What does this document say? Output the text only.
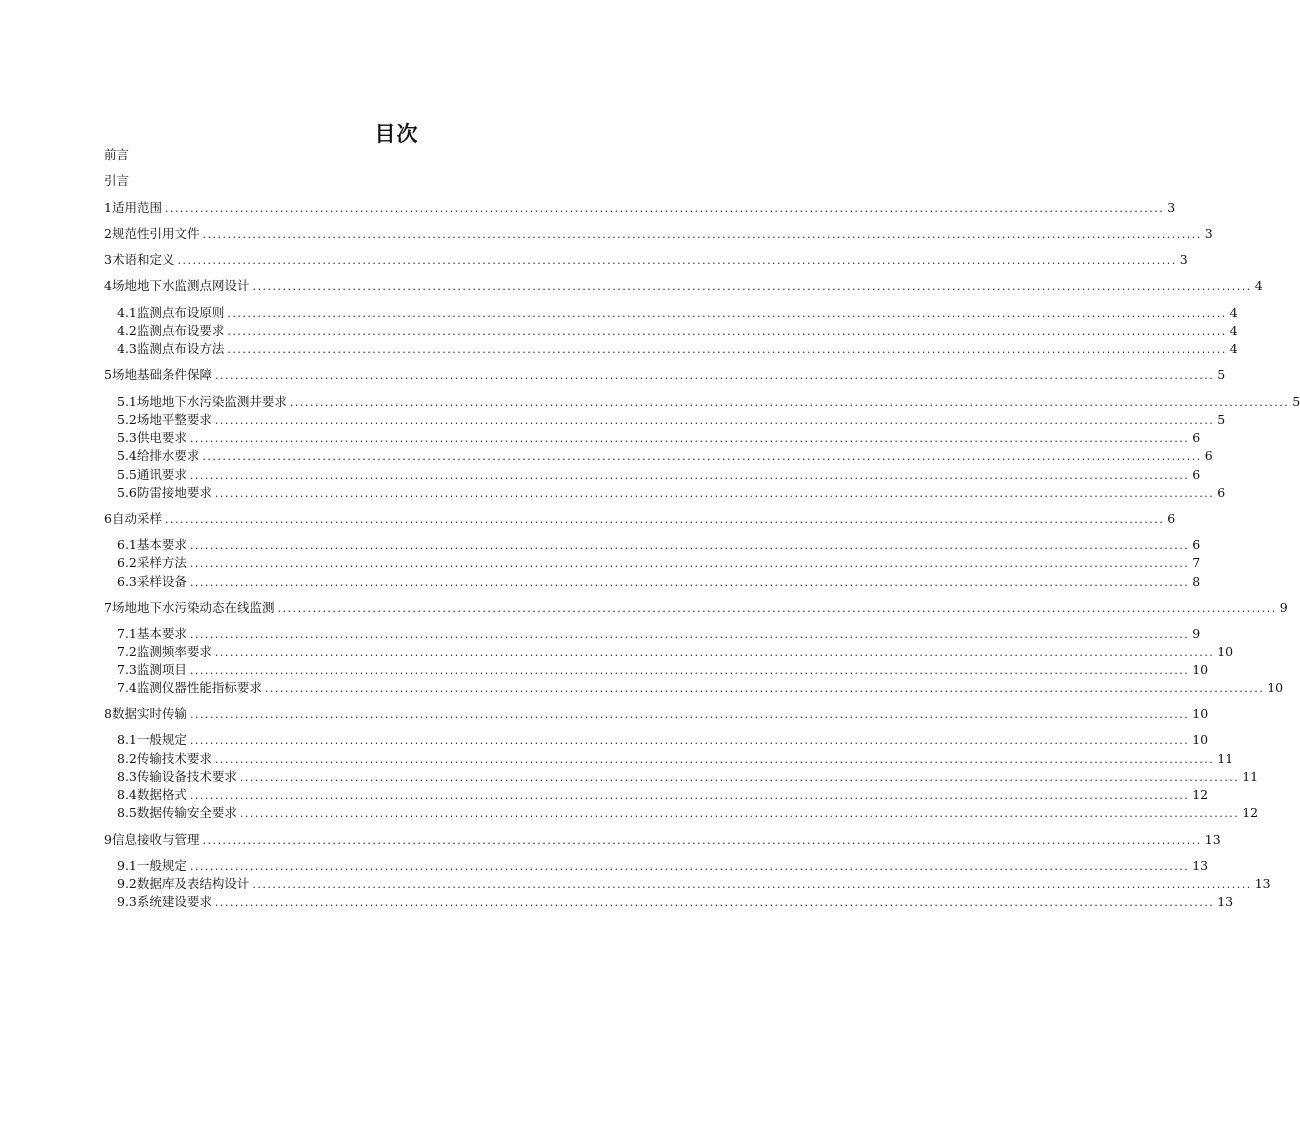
目次
前言
引言
1 适用范围 ........................................................................................................................................................................................................ 3
2 规范性引用文件 ........................................................................................................................................................................................................ 3
3 术语和定义 ........................................................................................................................................................................................................ 3
4 场地地下水监测点网设计 ........................................................................................................................................................................................................ 4
4.1 监测点布设原则 ........................................................................................................................................................................................................ 4
4.2 监测点布设要求 ........................................................................................................................................................................................................ 4
4.3 监测点布设方法 ........................................................................................................................................................................................................ 4
5 场地基础条件保障 ........................................................................................................................................................................................................ 5
5.1 场地地下水污染监测井要求 ........................................................................................................................................................................................................ 5
5.2 场地平整要求 ........................................................................................................................................................................................................ 5
5.3 供电要求 ........................................................................................................................................................................................................ 6
5.4 给排水要求 ........................................................................................................................................................................................................ 6
5.5 通讯要求 ........................................................................................................................................................................................................ 6
5.6 防雷接地要求 ........................................................................................................................................................................................................ 6
6 自动采样 ........................................................................................................................................................................................................ 6
6.1 基本要求 ........................................................................................................................................................................................................ 6
6.2 采样方法 ........................................................................................................................................................................................................ 7
6.3 采样设备 ........................................................................................................................................................................................................ 8
7 场地地下水污染动态在线监测 ........................................................................................................................................................................................................ 9
7.1 基本要求 ........................................................................................................................................................................................................ 9
7.2 监测频率要求 ........................................................................................................................................................................................................ 10
7.3 监测项目 ........................................................................................................................................................................................................ 10
7.4 监测仪器性能指标要求 ........................................................................................................................................................................................................ 10
8 数据实时传输 ........................................................................................................................................................................................................ 10
8.1 一般规定 ........................................................................................................................................................................................................ 10
8.2 传输技术要求 ........................................................................................................................................................................................................ 11
8.3 传输设备技术要求 ........................................................................................................................................................................................................ 11
8.4 数据格式 ........................................................................................................................................................................................................ 12
8.5 数据传输安全要求 ........................................................................................................................................................................................................ 12
9 信息接收与管理 ........................................................................................................................................................................................................ 13
9.1 一般规定 ........................................................................................................................................................................................................ 13
9.2 数据库及表结构设计 ........................................................................................................................................................................................................ 13
9.3 系统建设要求 ........................................................................................................................................................................................................ 13
